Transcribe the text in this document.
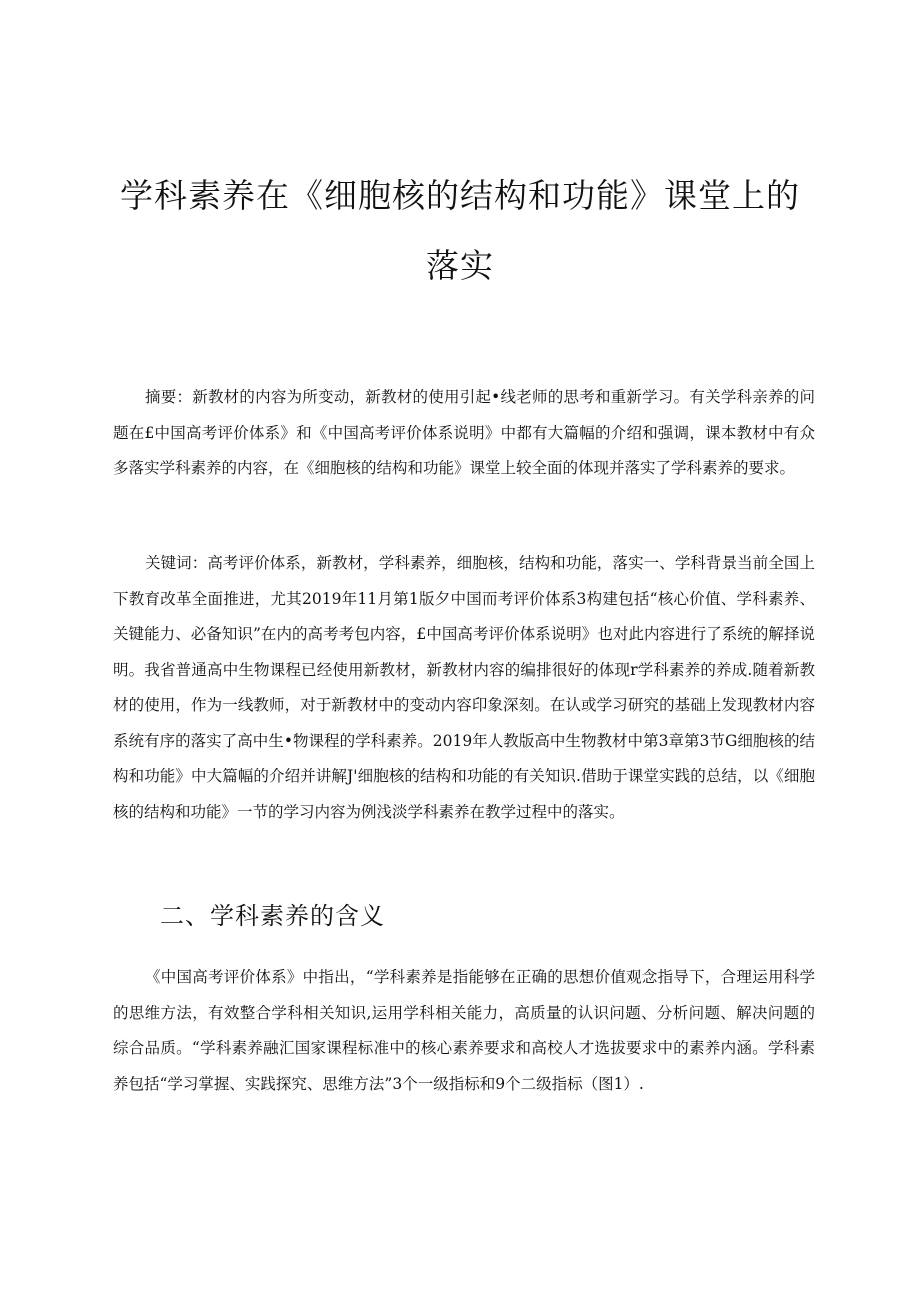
学科素养在《细胞核的结构和功能》课堂上的
落实

摘要：新教材的内容为所变动，新教材的使用引起•线老师的思考和重新学习。有关学科亲养的问题在£中国高考评价体系》和《中国高考评价体系说明》中都有大篇幅的介绍和强调，课本教材中有众多落实学科素养的内容，在《细胞核的结构和功能》课堂上较全面的体现并落实了学科素养的要求。

关键词：高考评价体系，新教材，学科素养，细胞核，结构和功能，落实一、学科背景当前全国上下教育改革全面推进，尤其2019年11月第1版夕中国而考评价体系3构建包括“核心价值、学科素养、关键能力、必备知识”在内的高考考包内容，£中国高考评价体系说明》也对此内容进行了系统的解择说明。我省普通高中生物课程已经使用新教材，新教材内容的编排很好的体现r学科素养的养成.随着新教材的使用，作为一线教师，对于新教材中的变动内容印象深刻。在认或学习研究的基础上发现教材内容系统有序的落实了高中生•物课程的学科素养。2019年人教版高中生物教材中第3章第3节G细胞核的结构和功能》中大篇幅的介绍并讲解J'细胞核的结构和功能的有关知识.借助于课堂实践的总结，以《细胞核的结构和功能》一节的学习内容为例浅淡学科素养在教学过程中的落实。

二、学科素养的含义

《中国高考评价体系》中指出，“学科素养是指能够在正确的思想价值观念指导下，合理运用科学的思维方法，有效整合学科相关知识,运用学科相关能力，高质量的认识问题、分析问题、解决问题的综合品质。“学科素养融汇国家课程标准中的核心素养要求和高校人才选拔要求中的素养内涵。学科素养包括“学习掌握、实践探究、思维方法”3个一级指标和9个二级指标（图1）.
